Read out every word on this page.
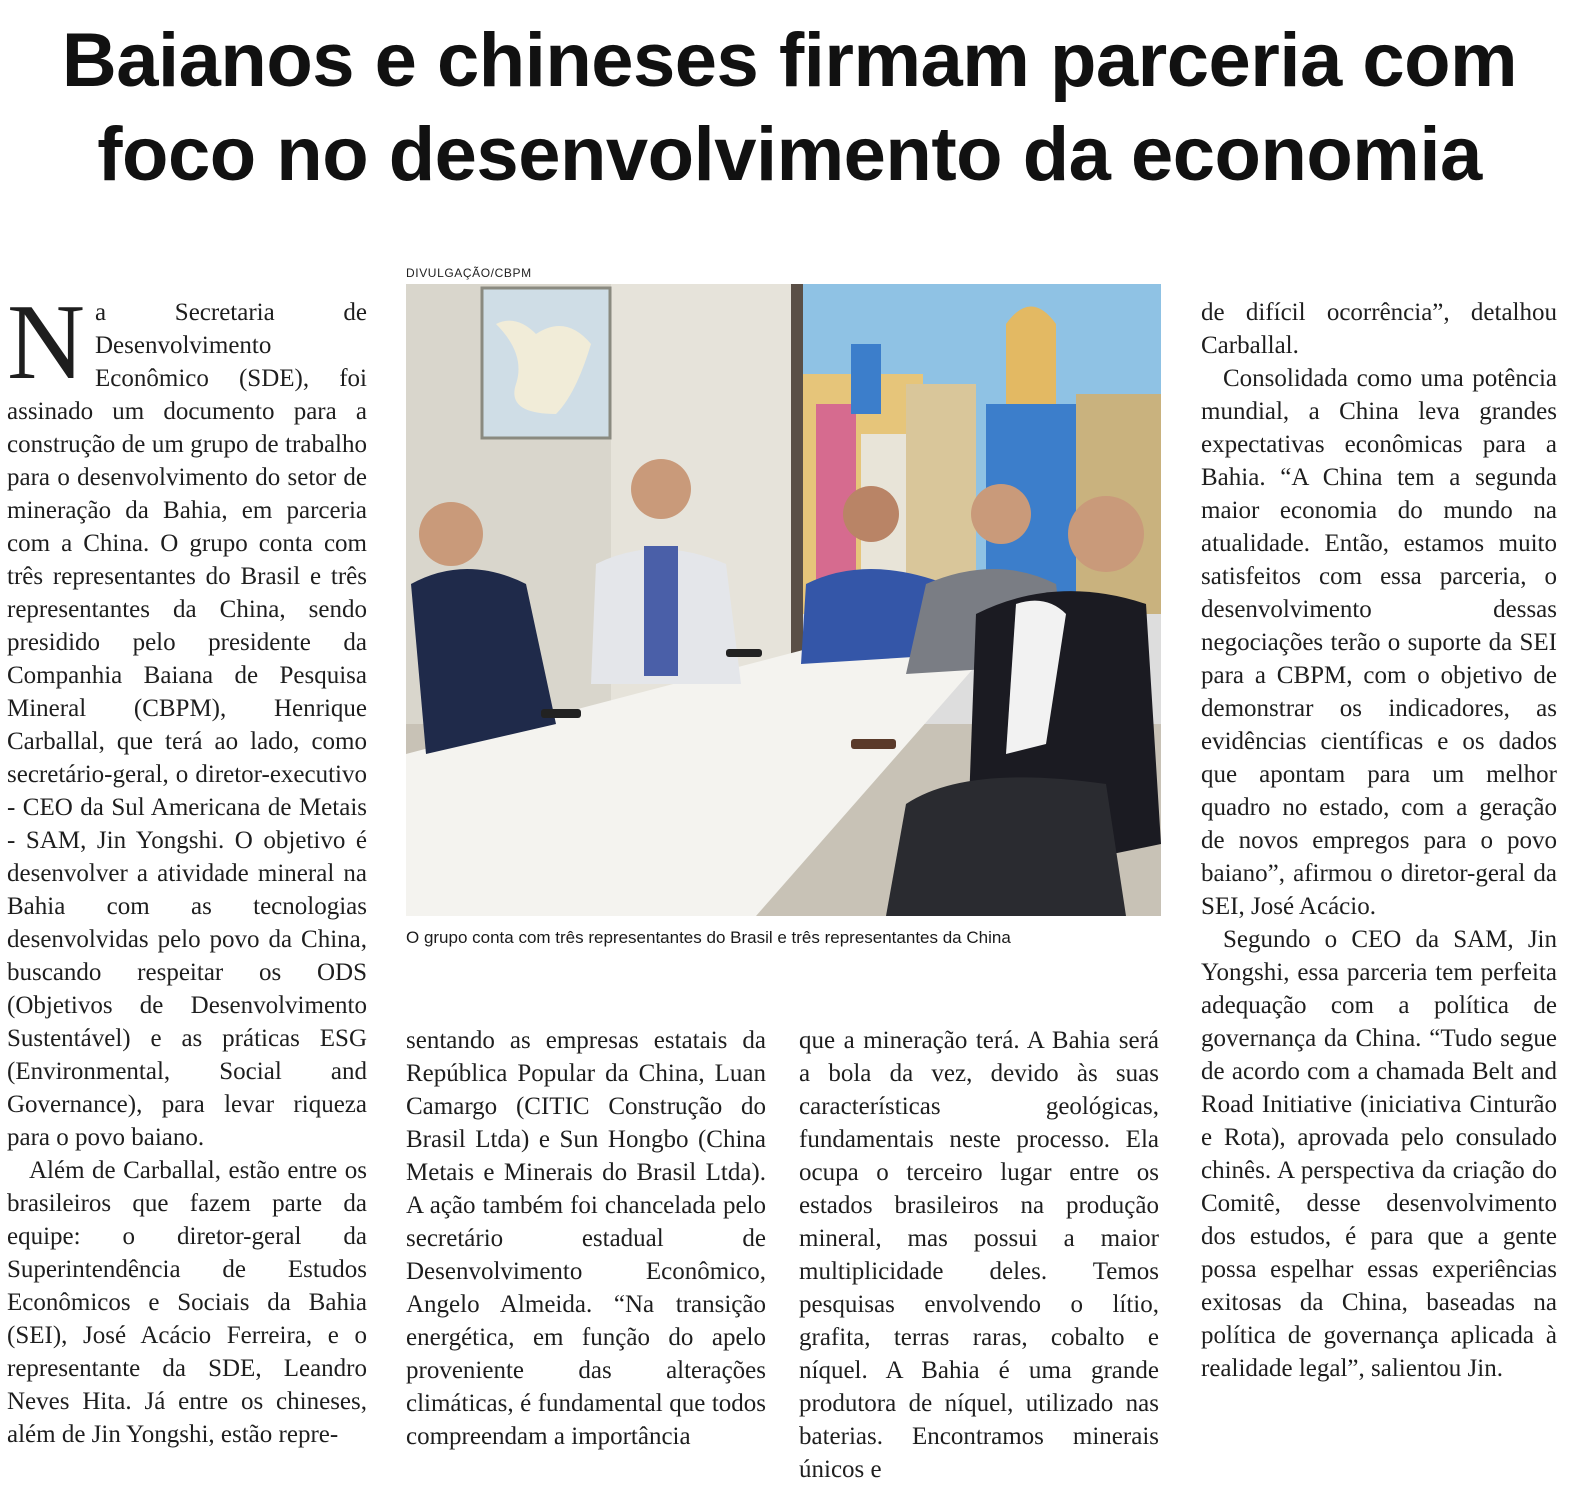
Baianos e chineses firmam parceria com
foco no desenvolvimento da economia

Na Secretaria de Desenvolvimento Econômico (SDE), foi assinado um documento para a construção de um grupo de trabalho para o desenvolvimento do setor de mineração da Bahia, em parceria com a China. O grupo conta com três representantes do Brasil e três representantes da China, sendo presidido pelo presidente da Companhia Baiana de Pesquisa Mineral (CBPM), Henrique Carballal, que terá ao lado, como secretário-geral, o diretor-executivo - CEO da Sul Americana de Metais - SAM, Jin Yongshi. O objetivo é desenvolver a atividade mineral na Bahia com as tecnologias desenvolvidas pelo povo da China, buscando respeitar os ODS (Objetivos de Desenvolvimento Sustentável) e as práticas ESG (Environmental, Social and Governance), para levar riqueza para o povo baiano.

Além de Carballal, estão entre os brasileiros que fazem parte da equipe: o diretor-geral da Superintendência de Estudos Econômicos e Sociais da Bahia (SEI), José Acácio Ferreira, e o representante da SDE, Leandro Neves Hita. Já entre os chineses, além de Jin Yongshi, estão repre-

DIVULGAÇÃO/CBPM
O grupo conta com três representantes do Brasil e três representantes da China

sentando as empresas estatais da República Popular da China, Luan Camargo (CITIC Construção do Brasil Ltda) e Sun Hongbo (China Metais e Minerais do Brasil Ltda). A ação também foi chancelada pelo secretário estadual de Desenvolvimento Econômico, Angelo Almeida. “Na transição energética, em função do apelo proveniente das alterações climáticas, é fundamental que todos compreendam a importância

que a mineração terá. A Bahia será a bola da vez, devido às suas características geológicas, fundamentais neste processo. Ela ocupa o terceiro lugar entre os estados brasileiros na produção mineral, mas possui a maior multiplicidade deles. Temos pesquisas envolvendo o lítio, grafita, terras raras, cobalto e níquel. A Bahia é uma grande produtora de níquel, utilizado nas baterias. Encontramos minerais únicos e

de difícil ocorrência”, detalhou Carballal.

Consolidada como uma potência mundial, a China leva grandes expectativas econômicas para a Bahia. “A China tem a segunda maior economia do mundo na atualidade. Então, estamos muito satisfeitos com essa parceria, o desenvolvimento dessas negociações terão o suporte da SEI para a CBPM, com o objetivo de demonstrar os indicadores, as evidências científicas e os dados que apontam para um melhor quadro no estado, com a geração de novos empregos para o povo baiano”, afirmou o diretor-geral da SEI, José Acácio.

Segundo o CEO da SAM, Jin Yongshi, essa parceria tem perfeita adequação com a política de governança da China. “Tudo segue de acordo com a chamada Belt and Road Initiative (iniciativa Cinturão e Rota), aprovada pelo consulado chinês. A perspectiva da criação do Comitê, desse desenvolvimento dos estudos, é para que a gente possa espelhar essas experiências exitosas da China, baseadas na política de governança aplicada à realidade legal”, salientou Jin.
